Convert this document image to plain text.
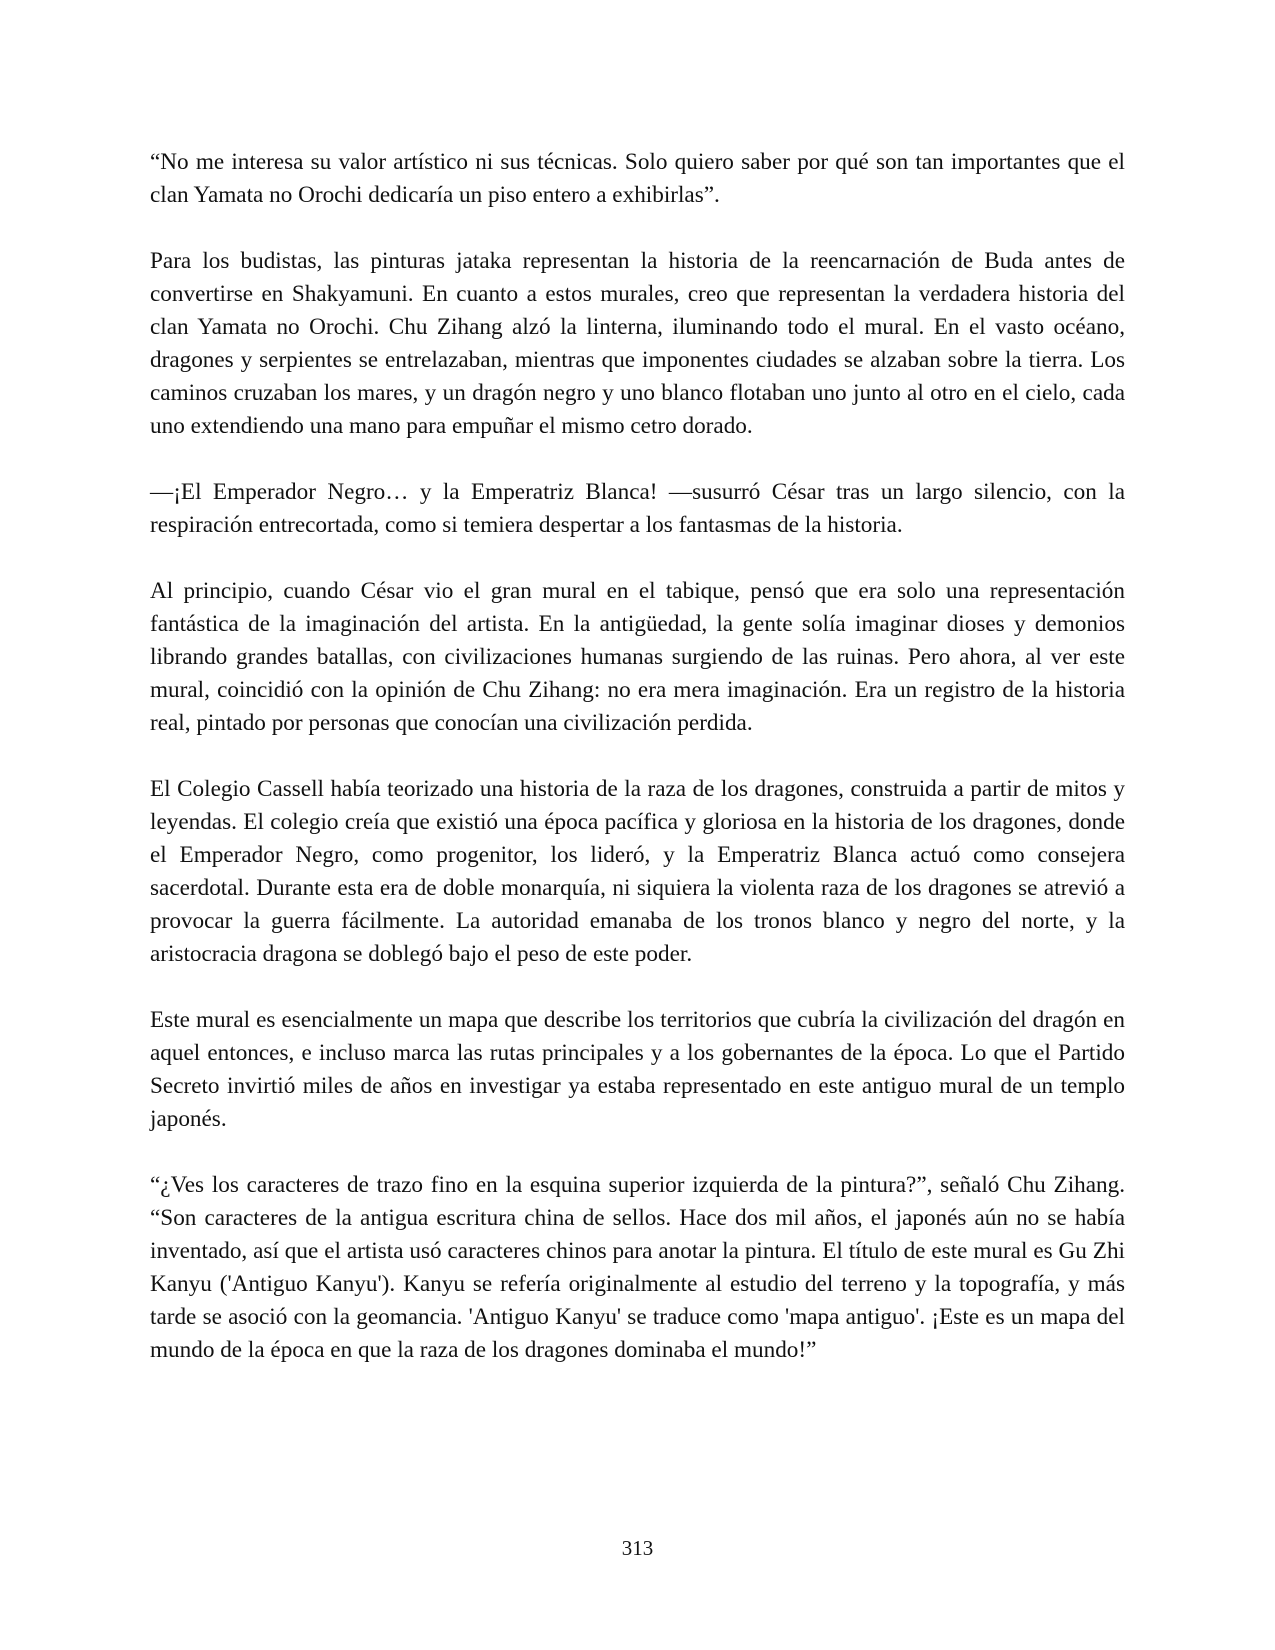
“No me interesa su valor artístico ni sus técnicas. Solo quiero saber por qué son tan importantes que el clan Yamata no Orochi dedicaría un piso entero a exhibirlas”.

Para los budistas, las pinturas jataka representan la historia de la reencarnación de Buda antes de convertirse en Shakyamuni. En cuanto a estos murales, creo que representan la verdadera historia del clan Yamata no Orochi. Chu Zihang alzó la linterna, iluminando todo el mural. En el vasto océano, dragones y serpientes se entrelazaban, mientras que imponentes ciudades se alzaban sobre la tierra. Los caminos cruzaban los mares, y un dragón negro y uno blanco flotaban uno junto al otro en el cielo, cada uno extendiendo una mano para empuñar el mismo cetro dorado.

—¡El Emperador Negro… y la Emperatriz Blanca! —susurró César tras un largo silencio, con la respiración entrecortada, como si temiera despertar a los fantasmas de la historia.

Al principio, cuando César vio el gran mural en el tabique, pensó que era solo una representación fantástica de la imaginación del artista. En la antigüedad, la gente solía imaginar dioses y demonios librando grandes batallas, con civilizaciones humanas surgiendo de las ruinas. Pero ahora, al ver este mural, coincidió con la opinión de Chu Zihang: no era mera imaginación. Era un registro de la historia real, pintado por personas que conocían una civilización perdida.

El Colegio Cassell había teorizado una historia de la raza de los dragones, construida a partir de mitos y leyendas. El colegio creía que existió una época pacífica y gloriosa en la historia de los dragones, donde el Emperador Negro, como progenitor, los lideró, y la Emperatriz Blanca actuó como consejera sacerdotal. Durante esta era de doble monarquía, ni siquiera la violenta raza de los dragones se atrevió a provocar la guerra fácilmente. La autoridad emanaba de los tronos blanco y negro del norte, y la aristocracia dragona se doblegó bajo el peso de este poder.

Este mural es esencialmente un mapa que describe los territorios que cubría la civilización del dragón en aquel entonces, e incluso marca las rutas principales y a los gobernantes de la época. Lo que el Partido Secreto invirtió miles de años en investigar ya estaba representado en este antiguo mural de un templo japonés.

“¿Ves los caracteres de trazo fino en la esquina superior izquierda de la pintura?”, señaló Chu Zihang. “Son caracteres de la antigua escritura china de sellos. Hace dos mil años, el japonés aún no se había inventado, así que el artista usó caracteres chinos para anotar la pintura. El título de este mural es Gu Zhi Kanyu ('Antiguo Kanyu'). Kanyu se refería originalmente al estudio del terreno y la topografía, y más tarde se asoció con la geomancia. 'Antiguo Kanyu' se traduce como 'mapa antiguo'. ¡Este es un mapa del mundo de la época en que la raza de los dragones dominaba el mundo!”

313
